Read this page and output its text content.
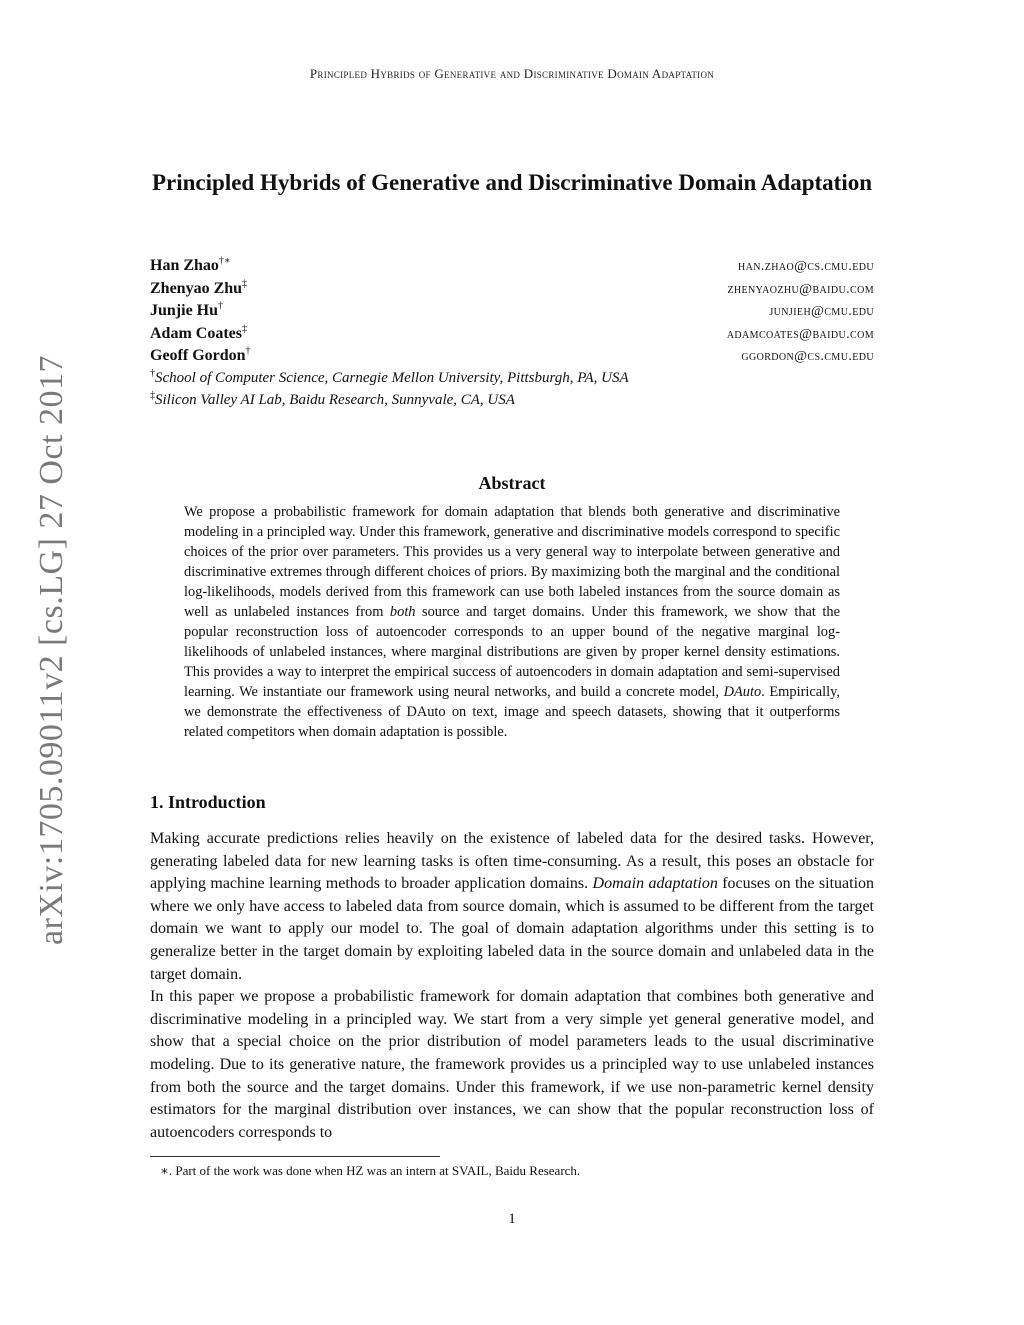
Principled Hybrids of Generative and Discriminative Domain Adaptation
arXiv:1705.09011v2 [cs.LG] 27 Oct 2017
Principled Hybrids of Generative and Discriminative Domain Adaptation
Han Zhao†∗	han.zhao@cs.cmu.edu
Zhenyao Zhu‡	zhenyaozhu@baidu.com
Junjie Hu†	junjieh@cmu.edu
Adam Coates‡	adamcoates@baidu.com
Geoff Gordon†	ggordon@cs.cmu.edu
†School of Computer Science, Carnegie Mellon University, Pittsburgh, PA, USA
‡Silicon Valley AI Lab, Baidu Research, Sunnyvale, CA, USA
Abstract
We propose a probabilistic framework for domain adaptation that blends both generative and discriminative modeling in a principled way. Under this framework, generative and discriminative models correspond to specific choices of the prior over parameters. This provides us a very general way to interpolate between generative and discriminative extremes through different choices of priors. By maximizing both the marginal and the conditional log-likelihoods, models derived from this framework can use both labeled instances from the source domain as well as unlabeled instances from both source and target domains. Under this framework, we show that the popular reconstruction loss of autoencoder corresponds to an upper bound of the negative marginal log-likelihoods of unlabeled instances, where marginal distributions are given by proper kernel density estimations. This provides a way to interpret the empirical success of autoencoders in domain adaptation and semi-supervised learning. We instantiate our framework using neural networks, and build a concrete model, DAuto. Empirically, we demonstrate the effectiveness of DAuto on text, image and speech datasets, showing that it outperforms related competitors when domain adaptation is possible.
1. Introduction

Making accurate predictions relies heavily on the existence of labeled data for the desired tasks. However, generating labeled data for new learning tasks is often time-consuming. As a result, this poses an obstacle for applying machine learning methods to broader application domains. Domain adaptation focuses on the situation where we only have access to labeled data from source domain, which is assumed to be different from the target domain we want to apply our model to. The goal of domain adaptation algorithms under this setting is to generalize better in the target domain by exploiting labeled data in the source domain and unlabeled data in the target domain.

In this paper we propose a probabilistic framework for domain adaptation that combines both generative and discriminative modeling in a principled way. We start from a very simple yet general generative model, and show that a special choice on the prior distribution of model parameters leads to the usual discriminative modeling. Due to its generative nature, the framework provides us a principled way to use unlabeled instances from both the source and the target domains. Under this framework, if we use non-parametric kernel density estimators for the marginal distribution over instances, we can show that the popular reconstruction loss of autoencoders corresponds to

∗. Part of the work was done when HZ was an intern at SVAIL, Baidu Research.
1
